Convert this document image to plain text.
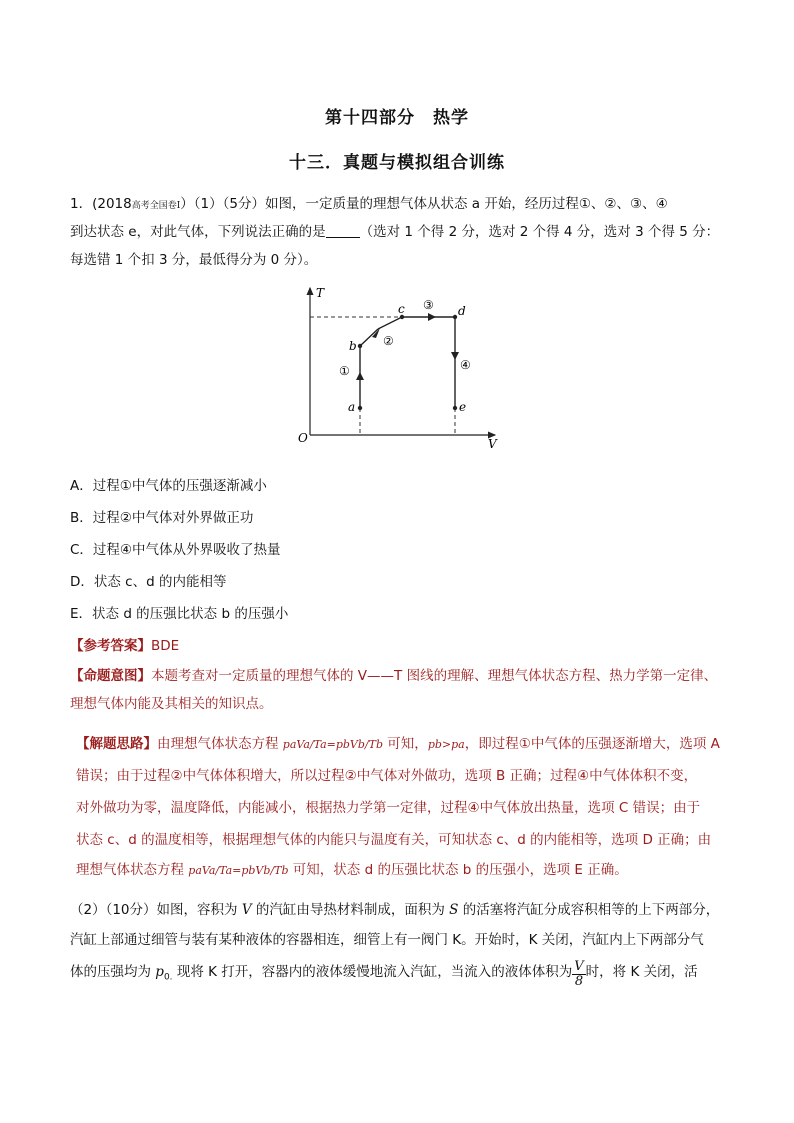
第十四部分　热学
十三．真题与模拟组合训练
1．(2018高考全国卷Ⅰ）（1）（5分）如图，一定质量的理想气体从状态 a 开始，经历过程①、②、③、④
到达状态 e，对此气体，下列说法正确的是	（选对 1 个得 2 分，选对 2 个得 4 分，选对 3 个得 5 分：
每选错 1 个扣 3 分，最低得分为 0 分）。
T
V
O
a
b
c	d
e
①
②
③
④
A．过程①中气体的压强逐渐减小
B．过程②中气体对外界做正功
C．过程④中气体从外界吸收了热量
D．状态 c、d 的内能相等
E．状态 d 的压强比状态 b 的压强小
【参考答案】BDE
【命题意图】本题考查对一定质量的理想气体的 V——T 图线的理解、理想气体状态方程、热力学第一定律、
理想气体内能及其相关的知识点。
【解题思路】由理想气体状态方程 paVa/Ta=pbVb/Tb 可知，pb>pa，即过程①中气体的压强逐渐增大，选项 A
错误；由于过程②中气体体积增大，所以过程②中气体对外做功，选项 B 正确；过程④中气体体积不变，
对外做功为零，温度降低，内能减小，根据热力学第一定律，过程④中气体放出热量，选项 C 错误；由于
状态 c、d 的温度相等，根据理想气体的内能只与温度有关，可知状态 c、d 的内能相等，选项 D 正确；由
理想气体状态方程 paVa/Ta=pbVb/Tb 可知，状态 d 的压强比状态 b 的压强小，选项 E 正确。
（2）（10分）如图，容积为 V 的汽缸由导热材料制成，面积为 S 的活塞将汽缸分成容积相等的上下两部分，
汽缸上部通过细管与装有某种液体的容器相连，细管上有一阀门 K。开始时，K 关闭，汽缸内上下两部分气
体的压强均为 $p_{0.}$ 现将 K 打开，容器内的液体缓慢地流入汽缸，当流入的液体体积为 $\frac{V}{8}$ 时，将 K 关闭，活
